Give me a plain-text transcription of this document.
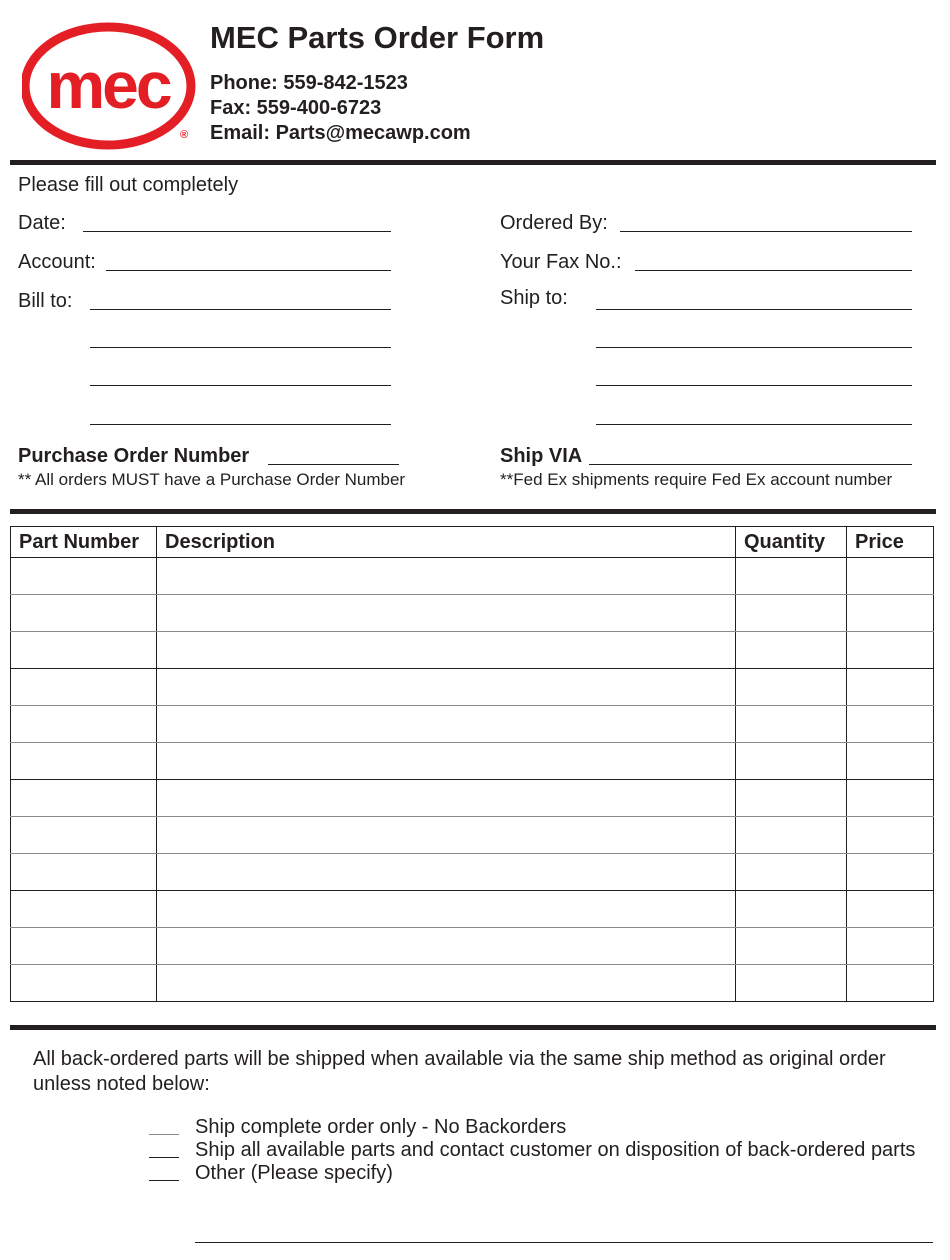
mec
®
MEC Parts Order Form
Phone: 559-842-1523
Fax: 559-400-6723
Email: Parts@mecawp.com
Please fill out completely
Date:
Account:
Bill to:
Purchase Order Number
** All orders MUST have a Purchase Order Number
Ordered By:
Your Fax No.:
Ship to:
Ship VIA
**Fed Ex shipments require Fed Ex account number
Part Number	Description	Quantity	Price

All back-ordered parts will be shipped when available via the same ship method as original order unless noted below:
Ship complete order only - No Backorders
Ship all available parts and contact customer on disposition of back-ordered parts
Other (Please specify)
